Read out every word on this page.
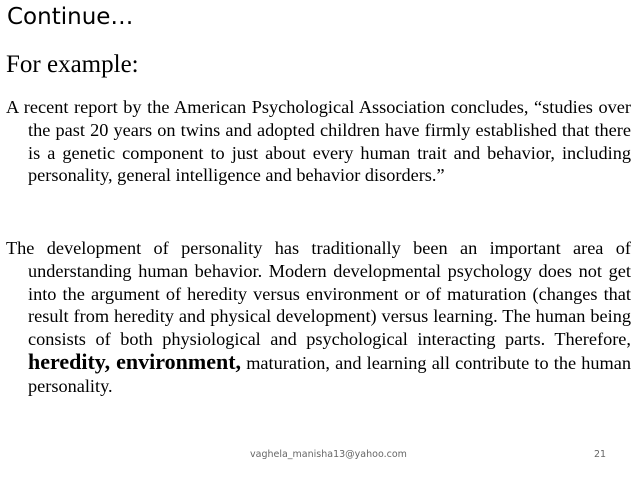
Continue…
For example:

A recent report by the American Psychological Association concludes, “studies over the past 20 years on twins and adopted children have firmly established that there is a genetic component to just about every human trait and behavior, including personality, general intelligence and behavior disorders.”

The development of personality has traditionally been an important area of understanding human behavior. Modern developmental psychology does not get into the argument of heredity versus environment or of maturation (changes that result from heredity and physical development) versus learning. The human being consists of both physiological and psychological interacting parts. Therefore, heredity, environment, maturation, and learning all contribute to the human personality.

vaghela_manisha13@yahoo.com	21
